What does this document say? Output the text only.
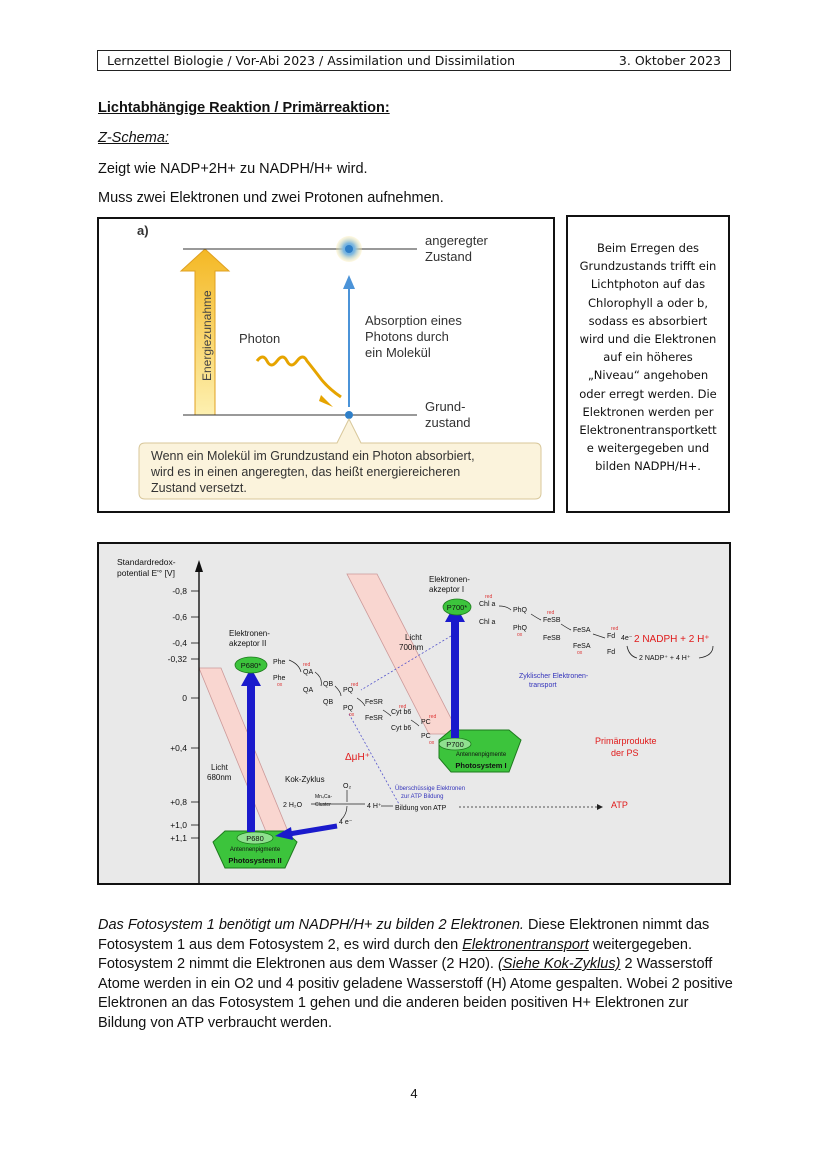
Lernzettel Biologie / Vor-Abi 2023 / Assimilation und Dissimilation	3. Oktober 2023
Lichtabhängige Reaktion / Primärreaktion:
Z-Schema:
Zeigt wie NADP+2H+ zu NADPH/H+ wird.
Muss zwei Elektronen und zwei Protonen aufnehmen.
a)
Energiezunahme Photon
angeregter
Zustand
Absorption eines
Photons durch
ein Molekül
Grund-
zustand
Wenn ein Molekül im Grundzustand ein Photon absorbiert,
wird es in einen angeregten, das heißt energiereicheren
Zustand versetzt.
Beim Erregen des
Grundzustands trifft ein
Lichtphoton auf das
Chlorophyll a oder b,
sodass es absorbiert
wird und die Elektronen
auf ein höheres
„Niveau“ angehoben
oder erregt werden. Die
Elektronen werden per
Elektronentransportkett
e weitergegeben und
bilden NADPH/H+.
Standardredox-
potential E'° [V]
-0,8
-0,6
-0,4
-0,32
0
+0,4
+0,8
+1,0
+1,1	P680
Antennenpigmente
Photosystem II
P680*
Elektronen-
akzeptor II
P700
Antennenpigmente
Photosystem I
P700*
Elektronen-
akzeptor I
Phe
Phe
QA
QA
QB
QB
PQ
PQ
FeSR
FeSR
Cyt b6
Cyt b6
PC
PC
red
ox	red
ox
red
red
ox
Chl a
Chl a
PhQ
PhQ
FeSB
FeSB
FeSA
FeSA
Fd
Fd
red
red
ox
ox
red
4e⁻ 2 NADPH + 2 H⁺
2 NADP⁺ + 4 H⁺
Zyklischer Elektronen-
transport
Licht
700nm
Licht
680nm
ΔμH⁺
Überschüssige Elektronen
zur ATP Bildung
Primärprodukte
der PS
ATP
Kok-Zyklus
O₂
2 H₂O
Mn₄Ca-
Cluster	4 H⁺ Bildung von ATP
4 e⁻
Das Fotosystem 1 benötigt um NADPH/H+ zu bilden 2 Elektronen. Diese Elektronen nimmt das Fotosystem 1 aus dem Fotosystem 2, es wird durch den Elektronentransport weitergegeben. Fotosystem 2 nimmt die Elektronen aus dem Wasser (2 H20). (Siehe Kok-Zyklus) 2 Wasserstoff Atome werden in ein O2 und 4 positiv geladene Wasserstoff (H) Atome gespalten. Wobei 2 positive Elektronen an das Fotosystem 1 gehen und die anderen beiden positiven H+ Elektronen zur Bildung von ATP verbraucht werden.
4
